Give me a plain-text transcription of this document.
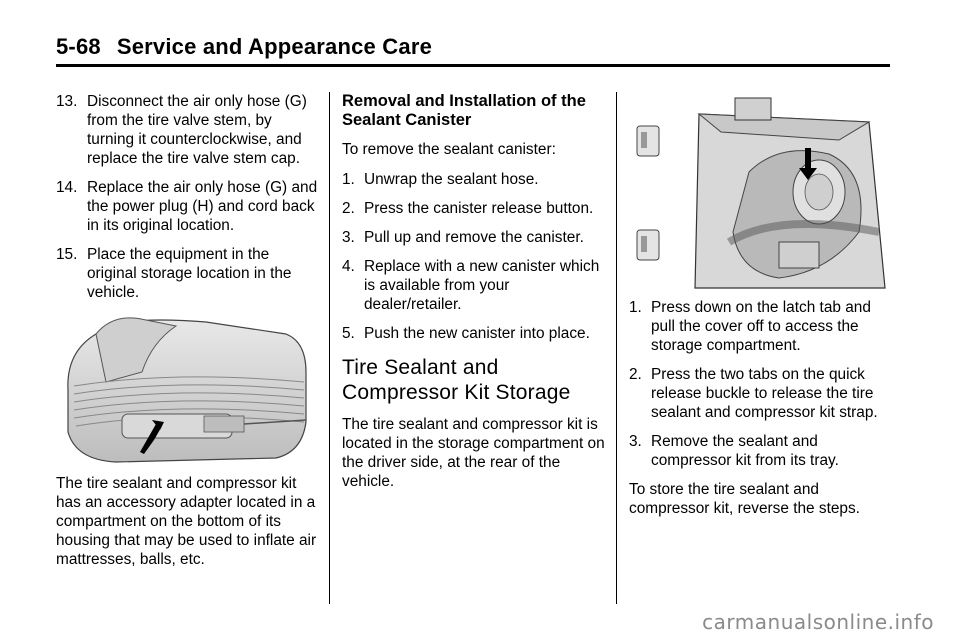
5-68 Service and Appearance Care
13. Disconnect the air only hose (G) from the tire valve stem, by turning it counterclockwise, and replace the tire valve stem cap.
14. Replace the air only hose (G) and the power plug (H) and cord back in its original location.
15. Place the equipment in the original storage location in the vehicle.

The tire sealant and compressor kit has an accessory adapter located in a compartment on the bottom of its housing that may be used to inflate air mattresses, balls, etc.

Removal and Installation of the Sealant Canister

To remove the sealant canister:

1. Unwrap the sealant hose.
2. Press the canister release button.
3. Pull up and remove the canister.
4. Replace with a new canister which is available from your dealer/retailer.
5. Push the new canister into place.
Tire Sealant and Compressor Kit Storage

The tire sealant and compressor kit is located in the storage compartment on the driver side, at the rear of the vehicle.

1. Press down on the latch tab and pull the cover off to access the storage compartment.
2. Press the two tabs on the quick release buckle to release the tire sealant and compressor kit strap.
3. Remove the sealant and compressor kit from its tray.

To store the tire sealant and compressor kit, reverse the steps.

carmanualsonline.info
